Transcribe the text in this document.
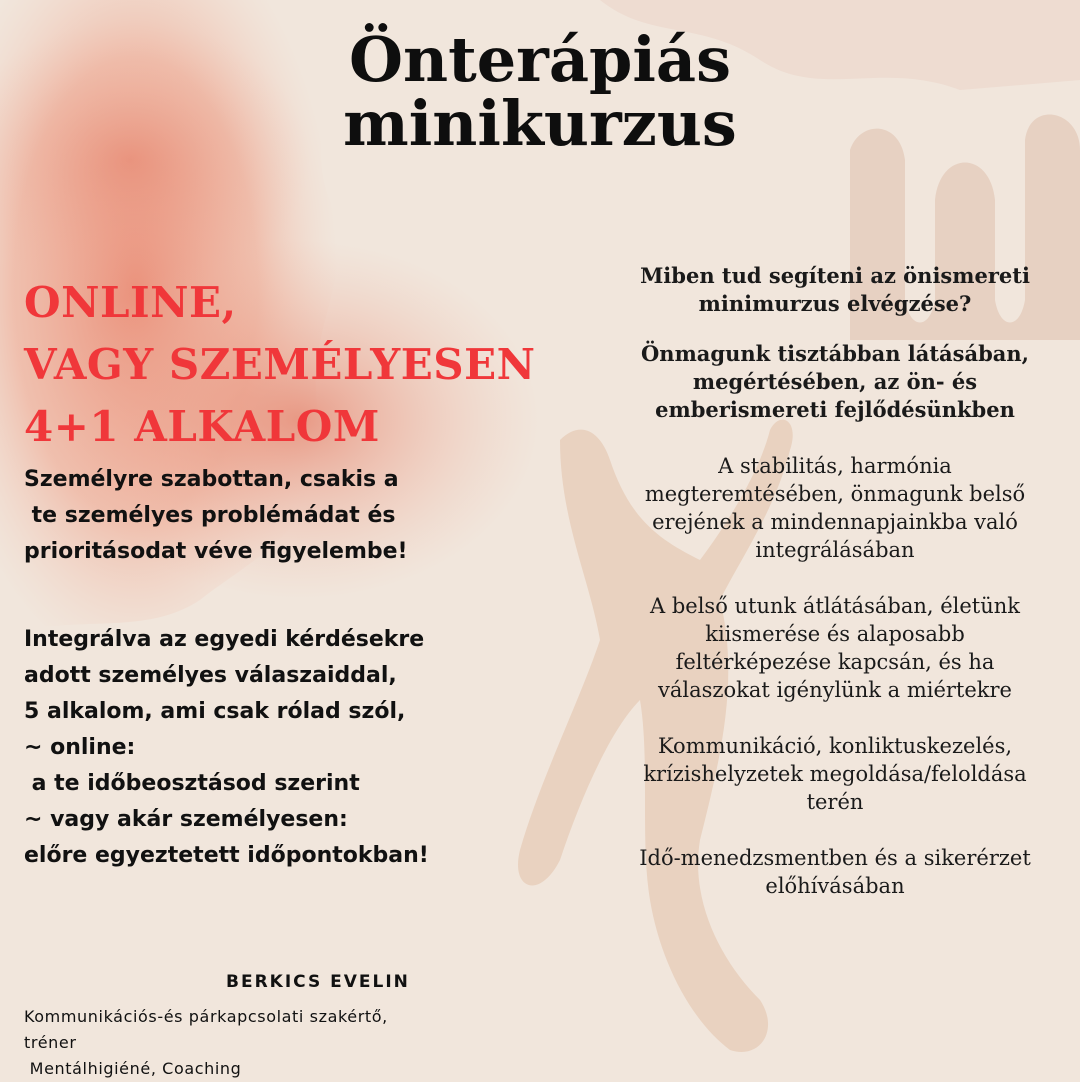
Önterápiás
minikurzus
ONLINE,
VAGY SZEMÉLYESEN
4+1 ALKALOM
Személyre szabottan, csakis a
te személyes problémádat és
prioritásodat véve figyelembe!
Integrálva az egyedi kérdésekre
adott személyes válaszaiddal,
5 alkalom, ami csak rólad szól,
~ online:
a te időbeosztásod szerint
~ vagy akár személyesen:
előre egyeztetett időpontokban!
BERKICS EVELIN
Kommunikációs-és párkapcsolati szakértő,
tréner
Mentálhigiéné, Coaching
Miben tud segíteni az önismereti
minimurzus elvégzése?
Önmagunk tisztábban látásában,
megértésében, az ön- és
emberismereti fejlődésünkben
A stabilitás, harmónia
megteremtésében, önmagunk belső
erejének a mindennapjainkba való
integrálásában
A belső utunk átlátásában, életünk
kiismerése és alaposabb
feltérképezése kapcsán, és ha
válaszokat igénylünk a miértekre
Kommunikáció, konliktuskezelés,
krízishelyzetek megoldása/feloldása
terén
Idő-menedzsmentben és a sikerérzet
előhívásában
